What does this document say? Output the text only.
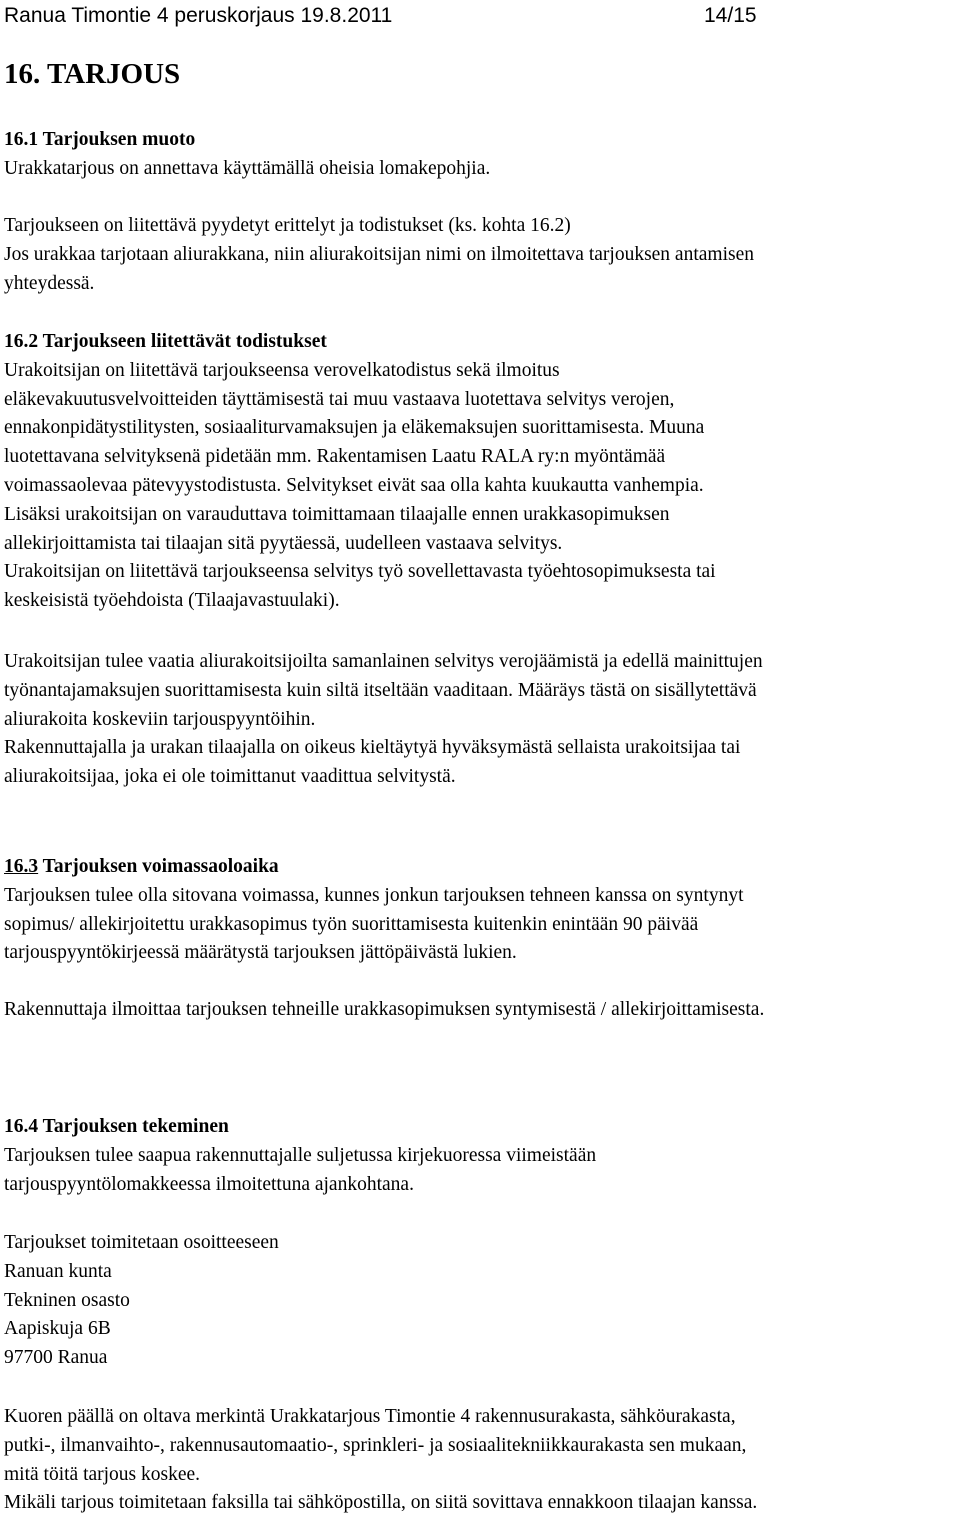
Ranua Timontie 4 peruskorjaus 19.8.2011	14/15
16. TARJOUS

16.1 Tarjouksen muoto

Urakkatarjous on annettava käyttämällä oheisia lomakepohjia.

Tarjoukseen on liitettävä pyydetyt erittelyt ja todistukset (ks. kohta 16.2)

Jos urakkaa tarjotaan aliurakkana, niin aliurakoitsijan nimi on ilmoitettava tarjouksen antamisen

yhteydessä.

16.2 Tarjoukseen liitettävät todistukset

Urakoitsijan on liitettävä tarjoukseensa verovelkatodistus sekä ilmoitus

eläkevakuutusvelvoitteiden täyttämisestä tai muu vastaava luotettava selvitys verojen,

ennakonpidätystilitysten, sosiaaliturvamaksujen ja eläkemaksujen suorittamisesta. Muuna

luotettavana selvityksenä pidetään mm. Rakentamisen Laatu RALA ry:n myöntämää

voimassaolevaa pätevyystodistusta. Selvitykset eivät saa olla kahta kuukautta vanhempia.

Lisäksi urakoitsijan on varauduttava toimittamaan tilaajalle ennen urakkasopimuksen

allekirjoittamista tai tilaajan sitä pyytäessä, uudelleen vastaava selvitys.

Urakoitsijan on liitettävä tarjoukseensa selvitys työ sovellettavasta työehtosopimuksesta tai

keskeisistä työehdoista (Tilaajavastuulaki).

Urakoitsijan tulee vaatia aliurakoitsijoilta samanlainen selvitys verojäämistä ja edellä mainittujen

työnantajamaksujen suorittamisesta kuin siltä itseltään vaaditaan. Määräys tästä on sisällytettävä

aliurakoita koskeviin tarjouspyyntöihin.

Rakennuttajalla ja urakan tilaajalla on oikeus kieltäytyä hyväksymästä sellaista urakoitsijaa tai

aliurakoitsijaa, joka ei ole toimittanut vaadittua selvitystä.

16.3 Tarjouksen voimassaoloaika

Tarjouksen tulee olla sitovana voimassa, kunnes jonkun tarjouksen tehneen kanssa on syntynyt

sopimus/ allekirjoitettu urakkasopimus työn suorittamisesta kuitenkin enintään 90 päivää

tarjouspyyntökirjeessä määrätystä tarjouksen jättöpäivästä lukien.

Rakennuttaja ilmoittaa tarjouksen tehneille urakkasopimuksen syntymisestä / allekirjoittamisesta.

16.4 Tarjouksen tekeminen

Tarjouksen tulee saapua rakennuttajalle suljetussa kirjekuoressa viimeistään

tarjouspyyntölomakkeessa ilmoitettuna ajankohtana.

Tarjoukset toimitetaan osoitteeseen

Ranuan kunta

Tekninen osasto

Aapiskuja 6B

97700 Ranua

Kuoren päällä on oltava merkintä Urakkatarjous Timontie 4 rakennusurakasta, sähköurakasta,

putki-, ilmanvaihto-, rakennusautomaatio-, sprinkleri- ja sosiaalitekniikkaurakasta sen mukaan,

mitä töitä tarjous koskee.

Mikäli tarjous toimitetaan faksilla tai sähköpostilla, on siitä sovittava ennakkoon tilaajan kanssa.
